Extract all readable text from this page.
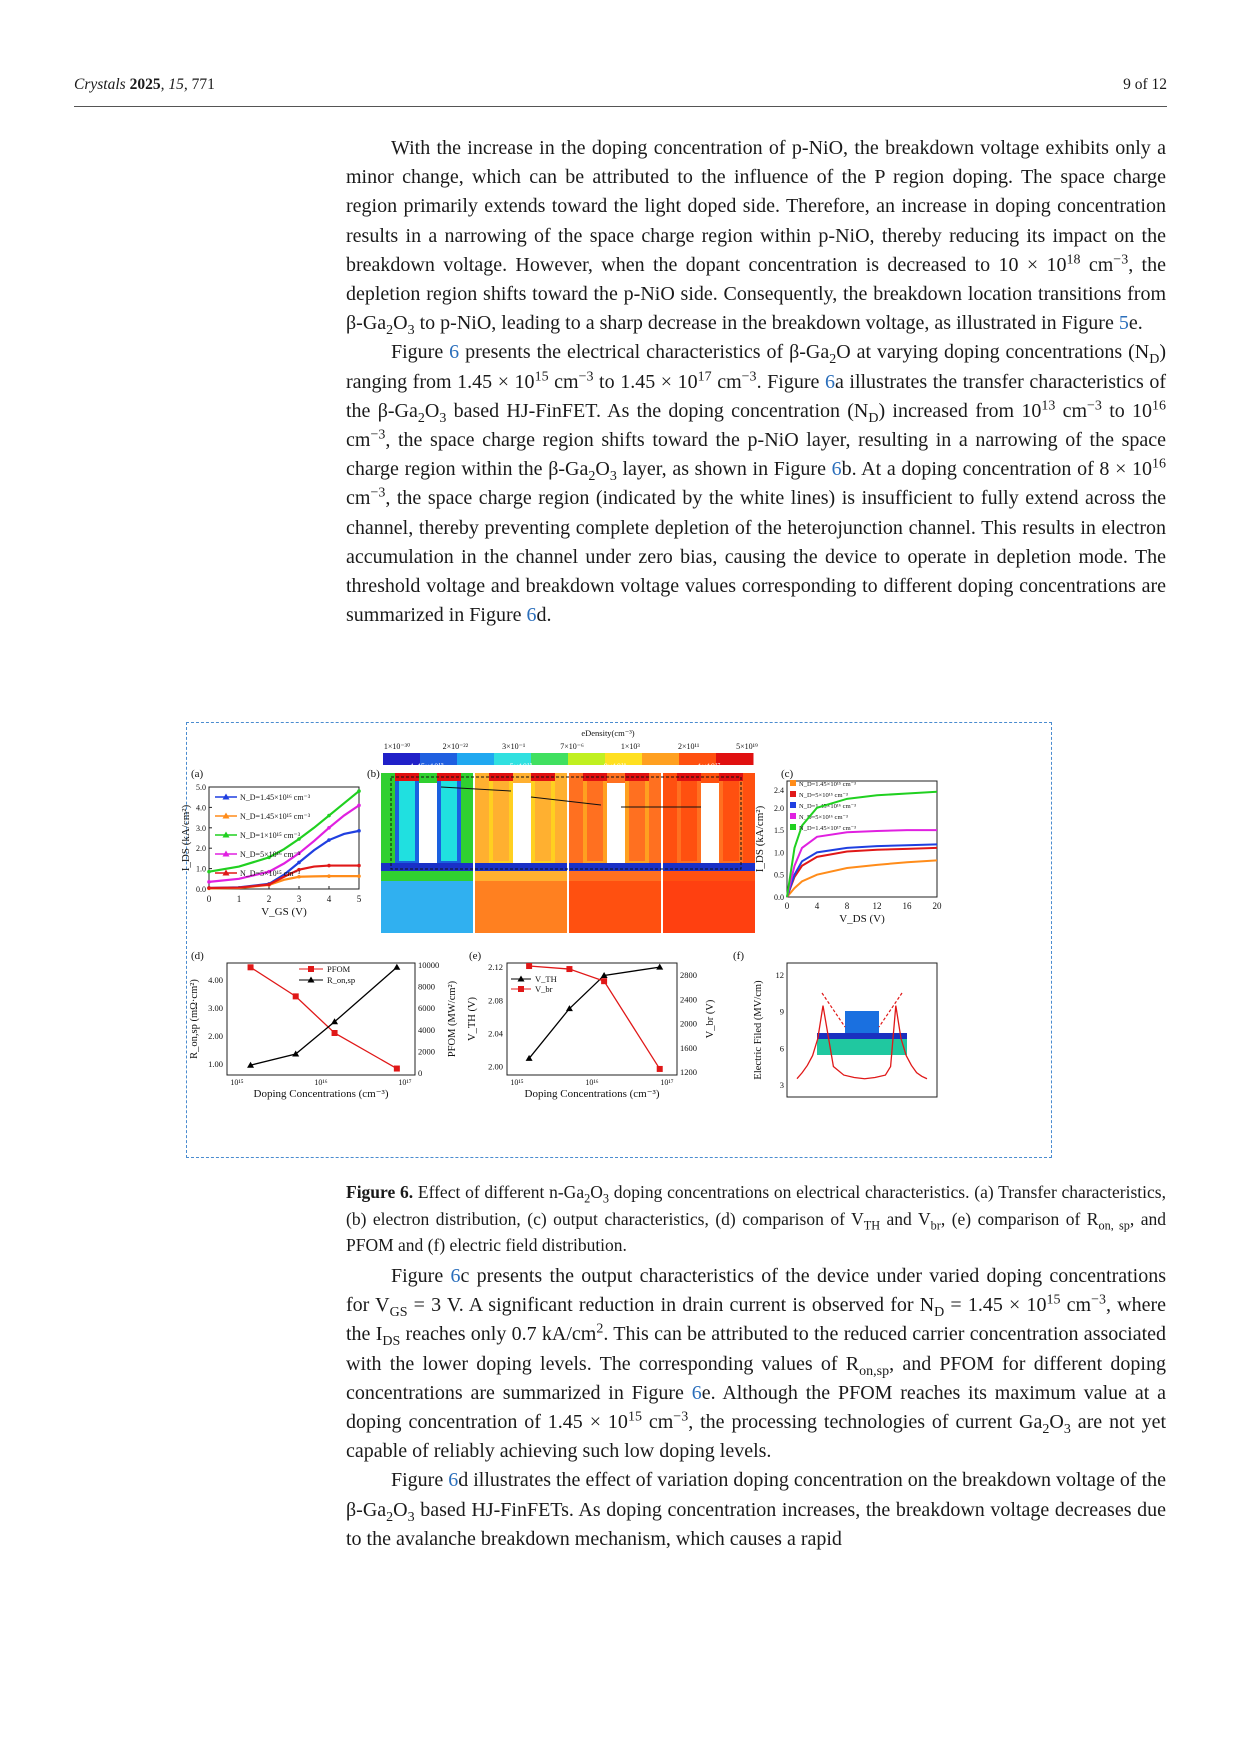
Crystals 2025, 15, 771	9 of 12

With the increase in the doping concentration of p-NiO, the breakdown voltage exhibits only a minor change, which can be attributed to the influence of the P region doping. The space charge region primarily extends toward the light doped side. Therefore, an increase in doping concentration results in a narrowing of the space charge region within p-NiO, thereby reducing its impact on the breakdown voltage. However, when the dopant concentration is decreased to $10 \times 10^{18}$ $cm^{-3}$, the depletion region shifts toward the p-NiO side. Consequently, the breakdown location transitions from $\beta-Ga_2O_3$ to p-NiO, leading to a sharp decrease in the breakdown voltage, as illustrated in Figure 5e.

Figure 6 presents the electrical characteristics of $\beta-Ga_2O$ at varying doping concentrations $(N_D)$ ranging from $1.45 \times 10^{15}$ $cm^{-3}$ to $1.45 \times 10^{17}$ $cm^{-3}$. Figure 6a illustrates the transfer characteristics of the $\beta-Ga_2O_3$ based HJ-FinFET. As the doping concentration $(N_D)$ increased from $10^{13}$ $cm^{-3}$ to $10^{16}$ $cm^{-3}$, the space charge region shifts toward the p-NiO layer, resulting in a narrowing of the space charge region within the $\beta-Ga_2O_3$ layer, as shown in Figure 6b. At a doping concentration of $8 \times 10^{16}$ $cm^{-3}$, the space charge region (indicated by the white lines) is insufficient to fully extend across the channel, thereby preventing complete depletion of the heterojunction channel. This results in electron accumulation in the channel under zero bias, causing the device to operate in depletion mode. The threshold voltage and breakdown voltage values corresponding to different doping concentrations are summarized in Figure 6d.

(a)
0	1	2	3	4	5
0.0
1.0
2.0
3.0
4.0
5.0
V_GS (V)
I_DS (kA/cm²)
N_D=1.45×10¹⁶ cm⁻³
N_D=1.45×10¹⁵ cm⁻³
N_D=1×10¹⁵ cm⁻³
N_D=5×10¹⁶ cm⁻³
N_D=5×10¹⁵ cm⁻³
(b)
eDensity(cm⁻³)
1×10⁻³⁰	2×10⁻²²	3×10⁻¹	7×10⁻⁶	1×10³	2×10¹¹	5×10¹⁹
1.45×10¹⁵	5×10¹⁵	8×10¹⁶	1×10¹⁷
(c)
0	4	8	12 16 20
0.0
0.5
1.0
1.5
2.0
2.4
V_DS (V)
I_DS (kA/cm²)
N_D=1.45×10¹⁵ cm⁻³
N_D=5×10¹⁵ cm⁻³
N_D=1.45×10¹⁶ cm⁻³
N_D=5×10¹⁶ cm⁻³
N_D=1.45×10¹⁷ cm⁻³
(d)
10¹⁵	10¹⁶	10¹⁷
1.00
2.00
3.00
4.00
0
2000
4000
6000
8000
10000
Doping Concentrations (cm⁻³)
R_on,sp (mΩ·cm²)	PFOM (MW/cm²)
PFOM
R_on,sp
(e)
10¹⁵	10¹⁶	10¹⁷
2.00
2.04
2.08
2.12
1200
1600
2000
2400
2800
Doping Concentrations (cm⁻³)
V_TH (V)	V_br (V)
V_TH
V_br
(f)
3
6
9
12
Electric Filed (MV/cm)
Figure 6. Effect of different $n-Ga_2O_3$ doping concentrations on electrical characteristics. (a) Transfer characteristics, (b) electron distribution, (c) output characteristics, (d) comparison of $V_{TH}$ and $V_{br}$, (e) comparison of $R_{on, sp}$, and PFOM and (f) electric field distribution.

Figure 6c presents the output characteristics of the device under varied doping concentrations for $V_{GS} = 3$ V. A significant reduction in drain current is observed for $N_D = 1.45 \times 10^{15}$ $cm^{-3}$, where the $I_{DS}$ reaches only 0.7 $kA/cm^2$. This can be attributed to the reduced carrier concentration associated with the lower doping levels. The corresponding values of $R_{on,sp}$, and PFOM for different doping concentrations are summarized in Figure 6e. Although the PFOM reaches its maximum value at a doping concentration of $1.45 \times 10^{15}$ $cm^{-3}$, the processing technologies of current $Ga_2O_3$ are not yet capable of reliably achieving such low doping levels.

Figure 6d illustrates the effect of variation doping concentration on the breakdown voltage of the $\beta-Ga_2O_3$ based HJ-FinFETs. As doping concentration increases, the breakdown voltage decreases due to the avalanche breakdown mechanism, which causes a rapid
